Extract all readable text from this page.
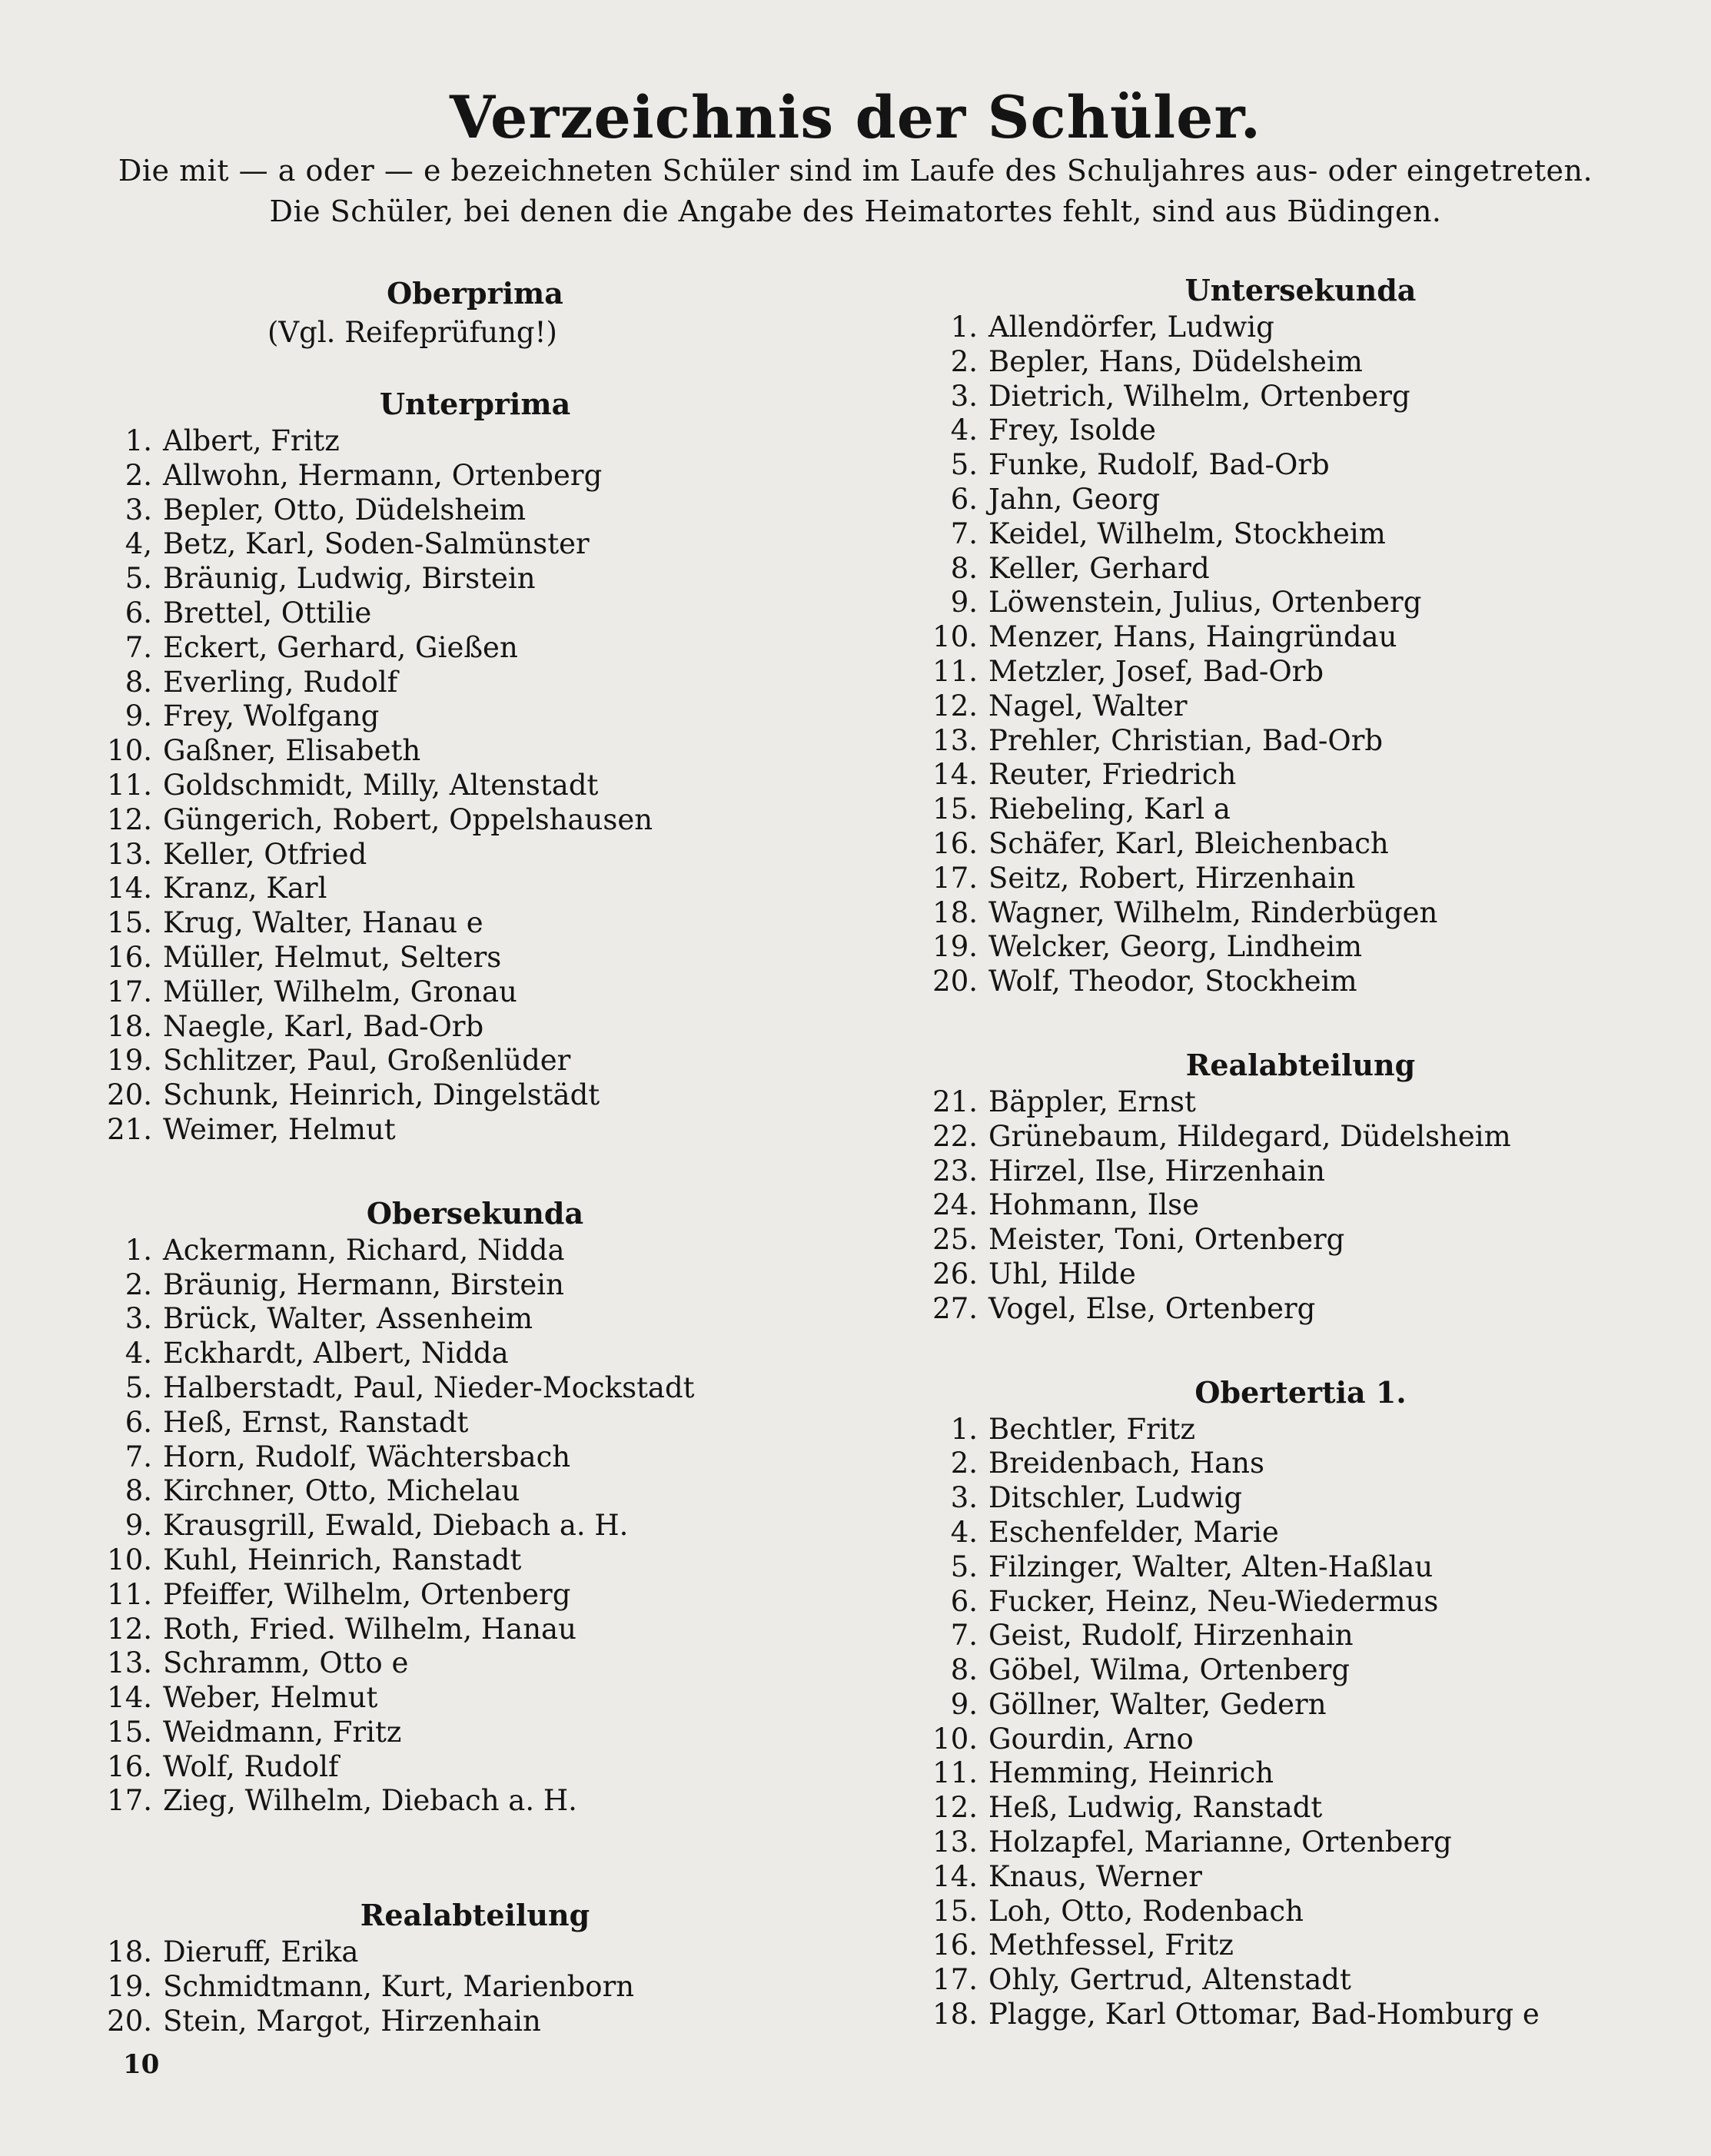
Verzeichnis der Schüler.
Die mit — a oder — e bezeichneten Schüler sind im Laufe des Schuljahres aus- oder eingetreten.
Die Schüler, bei denen die Angabe des Heimatortes fehlt, sind aus Büdingen.
Oberprima
(Vgl. Reifeprüfung!)
Unterprima
1. Albert, Fritz
2. Allwohn, Hermann, Ortenberg
3. Bepler, Otto, Düdelsheim
4, Betz, Karl, Soden-Salmünster
5. Bräunig, Ludwig, Birstein
6. Brettel, Ottilie
7. Eckert, Gerhard, Gießen
8. Everling, Rudolf
9. Frey, Wolfgang
10. Gaßner, Elisabeth
11. Goldschmidt, Milly, Altenstadt
12. Güngerich, Robert, Oppelshausen
13. Keller, Otfried
14. Kranz, Karl
15. Krug, Walter, Hanau e
16. Müller, Helmut, Selters
17. Müller, Wilhelm, Gronau
18. Naegle, Karl, Bad-Orb
19. Schlitzer, Paul, Großenlüder
20. Schunk, Heinrich, Dingelstädt
21. Weimer, Helmut
Obersekunda
1. Ackermann, Richard, Nidda
2. Bräunig, Hermann, Birstein
3. Brück, Walter, Assenheim
4. Eckhardt, Albert, Nidda
5. Halberstadt, Paul, Nieder-Mockstadt
6. Heß, Ernst, Ranstadt
7. Horn, Rudolf, Wächtersbach
8. Kirchner, Otto, Michelau
9. Krausgrill, Ewald, Diebach a. H.
10. Kuhl, Heinrich, Ranstadt
11. Pfeiffer, Wilhelm, Ortenberg
12. Roth, Fried. Wilhelm, Hanau
13. Schramm, Otto e
14. Weber, Helmut
15. Weidmann, Fritz
16. Wolf, Rudolf
17. Zieg, Wilhelm, Diebach a. H.
Realabteilung
18. Dieruff, Erika
19. Schmidtmann, Kurt, Marienborn
20. Stein, Margot, Hirzenhain
Untersekunda
1. Allendörfer, Ludwig
2. Bepler, Hans, Düdelsheim
3. Dietrich, Wilhelm, Ortenberg
4. Frey, Isolde
5. Funke, Rudolf, Bad-Orb
6. Jahn, Georg
7. Keidel, Wilhelm, Stockheim
8. Keller, Gerhard
9. Löwenstein, Julius, Ortenberg
10. Menzer, Hans, Haingründau
11. Metzler, Josef, Bad-Orb
12. Nagel, Walter
13. Prehler, Christian, Bad-Orb
14. Reuter, Friedrich
15. Riebeling, Karl a
16. Schäfer, Karl, Bleichenbach
17. Seitz, Robert, Hirzenhain
18. Wagner, Wilhelm, Rinderbügen
19. Welcker, Georg, Lindheim
20. Wolf, Theodor, Stockheim
Realabteilung
21. Bäppler, Ernst
22. Grünebaum, Hildegard, Düdelsheim
23. Hirzel, Ilse, Hirzenhain
24. Hohmann, Ilse
25. Meister, Toni, Ortenberg
26. Uhl, Hilde
27. Vogel, Else, Ortenberg
Obertertia 1.
1. Bechtler, Fritz
2. Breidenbach, Hans
3. Ditschler, Ludwig
4. Eschenfelder, Marie
5. Filzinger, Walter, Alten-Haßlau
6. Fucker, Heinz, Neu-Wiedermus
7. Geist, Rudolf, Hirzenhain
8. Göbel, Wilma, Ortenberg
9. Göllner, Walter, Gedern
10. Gourdin, Arno
11. Hemming, Heinrich
12. Heß, Ludwig, Ranstadt
13. Holzapfel, Marianne, Ortenberg
14. Knaus, Werner
15. Loh, Otto, Rodenbach
16. Methfessel, Fritz
17. Ohly, Gertrud, Altenstadt
18. Plagge, Karl Ottomar, Bad-Homburg e
10
